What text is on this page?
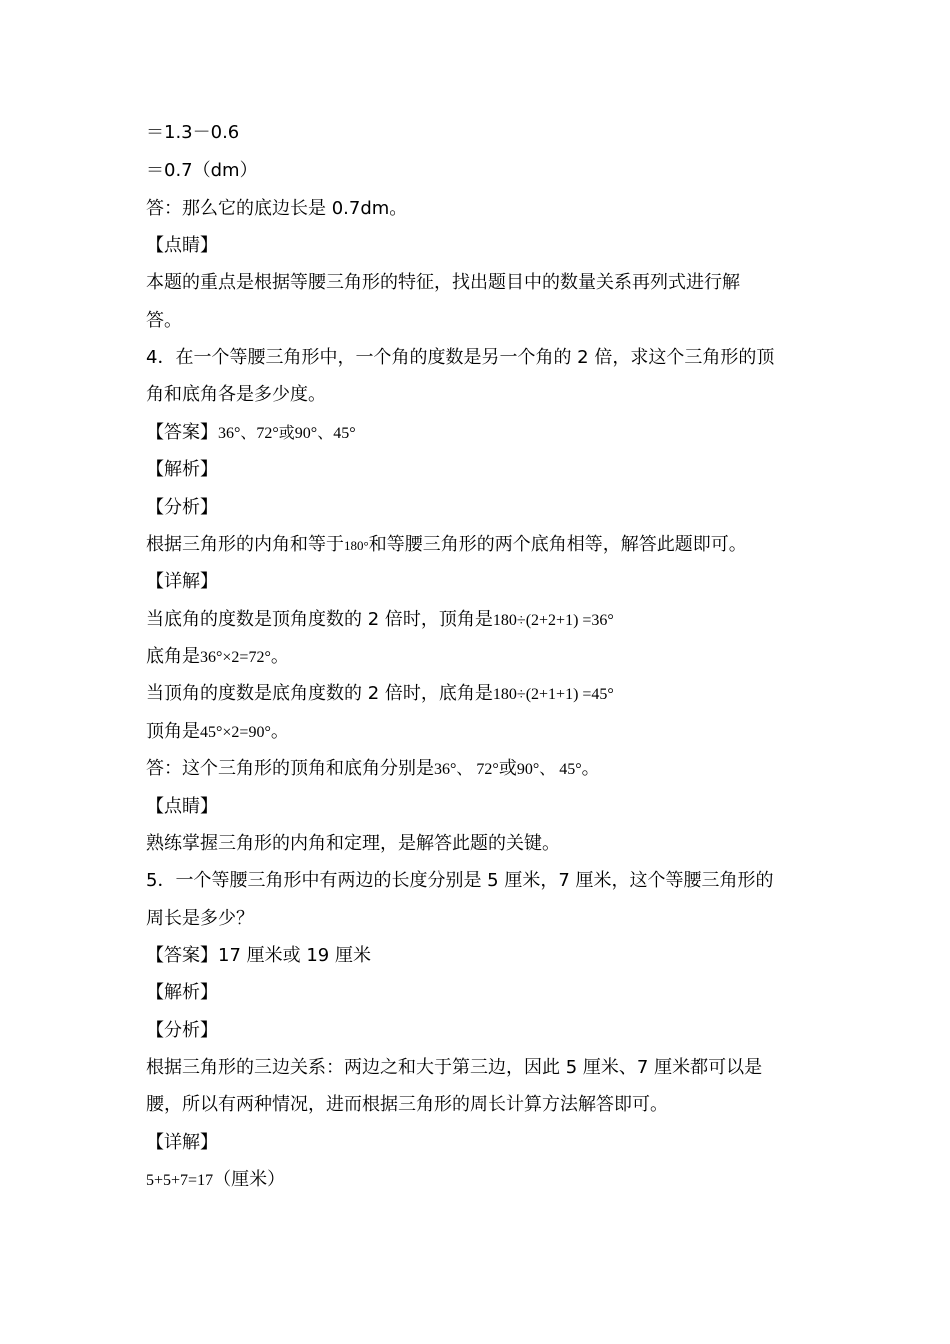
＝1.3－0.6
＝0.7（dm）
答：那么它的底边长是 0.7dm。
【点睛】
本题的重点是根据等腰三角形的特征，找出题目中的数量关系再列式进行解
答。
4．在一个等腰三角形中，一个角的度数是另一个角的 2 倍，求这个三角形的顶
角和底角各是多少度。
【答案】36°、72°或90°、45°
【解析】
【分析】
根据三角形的内角和等于180°和等腰三角形的两个底角相等，解答此题即可。
【详解】
当底角的度数是顶角度数的 2 倍时，顶角是180÷(2+2+1) =36°
底角是36°×2=72°。
当顶角的度数是底角度数的 2 倍时，底角是180÷(2+1+1) =45°
顶角是45°×2=90°。
答：这个三角形的顶角和底角分别是36°、 72°或90°、 45°。
【点睛】
熟练掌握三角形的内角和定理，是解答此题的关键。
5．一个等腰三角形中有两边的长度分别是 5 厘米，7 厘米，这个等腰三角形的
周长是多少？
【答案】17 厘米或 19 厘米
【解析】
【分析】
根据三角形的三边关系：两边之和大于第三边，因此 5 厘米、7 厘米都可以是
腰，所以有两种情况，进而根据三角形的周长计算方法解答即可。
【详解】
5+5+7=17（厘米）
